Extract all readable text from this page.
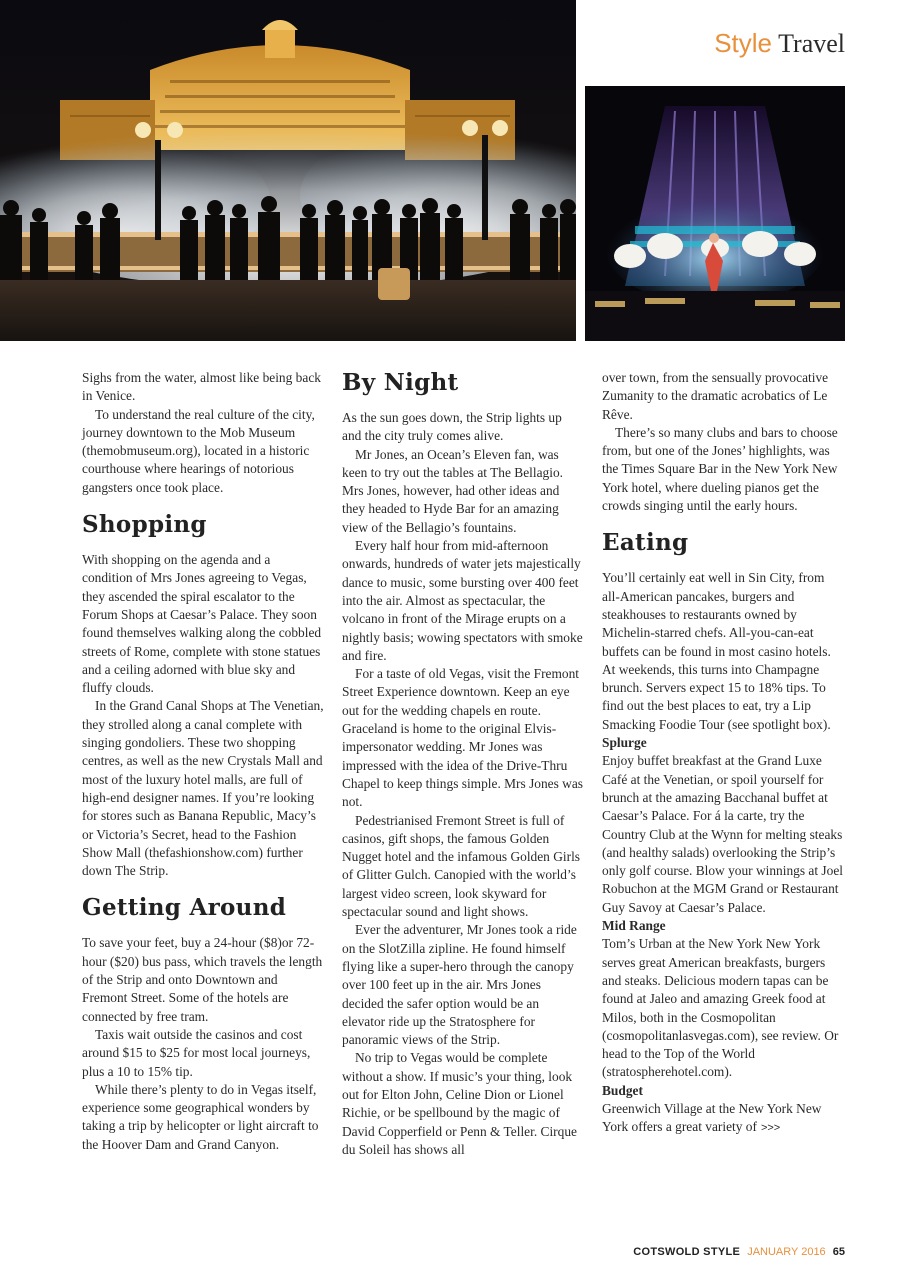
Style Travel

Sighs from the water, almost like being back in Venice.

To understand the real culture of the city, journey downtown to the Mob Museum (themobmuseum.org), located in a historic courthouse where hearings of notorious gangsters once took place.

Shopping

With shopping on the agenda and a condition of Mrs Jones agreeing to Vegas, they ascended the spiral escalator to the Forum Shops at Caesar’s Palace. They soon found themselves walking along the cobbled streets of Rome, complete with stone statues and a ceiling adorned with blue sky and fluffy clouds.

In the Grand Canal Shops at The Venetian, they strolled along a canal complete with singing gondoliers. These two shopping centres, as well as the new Crystals Mall and most of the luxury hotel malls, are full of high-end designer names. If you’re looking for stores such as Banana Republic, Macy’s or Victoria’s Secret, head to the Fashion Show Mall (thefashionshow.com) further down The Strip.

Getting Around

To save your feet, buy a 24-hour ($8)or 72-hour ($20) bus pass, which travels the length of the Strip and onto Downtown and Fremont Street. Some of the hotels are connected by free tram.

Taxis wait outside the casinos and cost around $15 to $25 for most local journeys, plus a 10 to 15% tip.

While there’s plenty to do in Vegas itself, experience some geographical wonders by taking a trip by helicopter or light aircraft to the Hoover Dam and Grand Canyon.

By Night

As the sun goes down, the Strip lights up and the city truly comes alive.

Mr Jones, an Ocean’s Eleven fan, was keen to try out the tables at The Bellagio. Mrs Jones, however, had other ideas and they headed to Hyde Bar for an amazing view of the Bellagio’s fountains.

Every half hour from mid-afternoon onwards, hundreds of water jets majestically dance to music, some bursting over 400 feet into the air. Almost as spectacular, the volcano in front of the Mirage erupts on a nightly basis; wowing spectators with smoke and fire.

For a taste of old Vegas, visit the Fremont Street Experience downtown. Keep an eye out for the wedding chapels en route. Graceland is home to the original Elvis-impersonator wedding. Mr Jones was impressed with the idea of the Drive-Thru Chapel to keep things simple. Mrs Jones was not.

Pedestrianised Fremont Street is full of casinos, gift shops, the famous Golden Nugget hotel and the infamous Golden Girls of Glitter Gulch. Canopied with the world’s largest video screen, look skyward for spectacular sound and light shows.

Ever the adventurer, Mr Jones took a ride on the SlotZilla zipline. He found himself flying like a super-hero through the canopy over 100 feet up in the air. Mrs Jones decided the safer option would be an elevator ride up the Stratosphere for panoramic views of the Strip.

No trip to Vegas would be complete without a show. If music’s your thing, look out for Elton John, Celine Dion or Lionel Richie, or be spellbound by the magic of David Copperfield or Penn & Teller. Cirque du Soleil has shows all

over town, from the sensually provocative Zumanity to the dramatic acrobatics of Le Rêve.

There’s so many clubs and bars to choose from, but one of the Jones’ highlights, was the Times Square Bar in the New York New York hotel, where dueling pianos get the crowds singing until the early hours.

Eating

You’ll certainly eat well in Sin City, from all-American pancakes, burgers and steakhouses to restaurants owned by Michelin-starred chefs. All-you-can-eat buffets can be found in most casino hotels. At weekends, this turns into Champagne brunch. Servers expect 15 to 18% tips. To find out the best places to eat, try a Lip Smacking Foodie Tour (see spotlight box).

Splurge

Enjoy buffet breakfast at the Grand Luxe Café at the Venetian, or spoil yourself for brunch at the amazing Bacchanal buffet at Caesar’s Palace. For á la carte, try the Country Club at the Wynn for melting steaks (and healthy salads) overlooking the Strip’s only golf course. Blow your winnings at Joel Robuchon at the MGM Grand or Restaurant Guy Savoy at Caesar’s Palace.

Mid Range

Tom’s Urban at the New York New York serves great American breakfasts, burgers and steaks. Delicious modern tapas can be found at Jaleo and amazing Greek food at Milos, both in the Cosmopolitan (cosmopolitanlasvegas.com), see review. Or head to the Top of the World (stratospherehotel.com).

Budget

Greenwich Village at the New York New York offers a great variety of >>>

COTSWOLD STYLE JANUARY 2016 65
